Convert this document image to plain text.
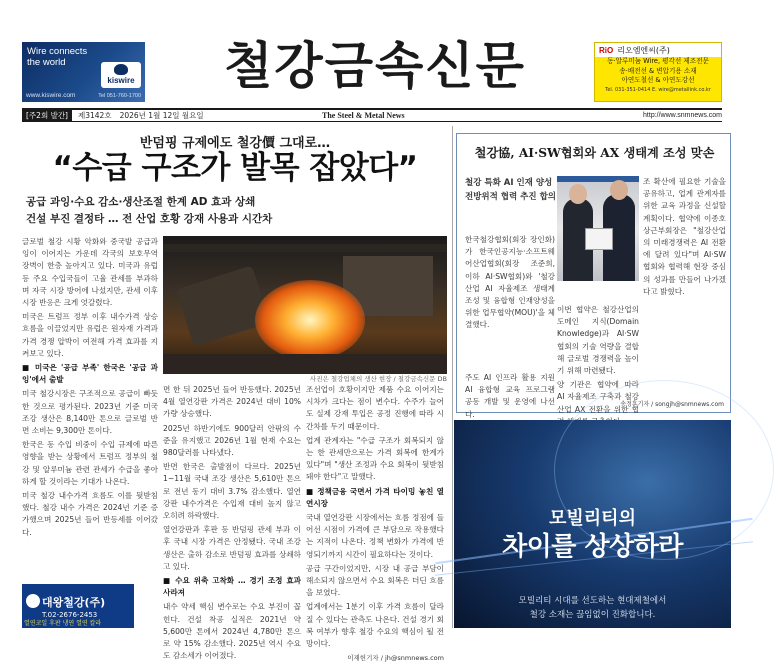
Wire connects
the world
kiswire
www.kiswire.com	Tel 051-760-1700
철강금속신문	RiO 리오엠엔씨(주)
동·알루미늄 Wire, 평각선 제조전문
송·배전선 & 변압기용 소재
아연도철선 & 아연도강선
Tel. 031-351-0414 E. wire@metallink.co.kr
[주2회 발간]	제3142호 2026년 1월 12일 월요일	The Steel & Metal News	http://www.snmnews.com
반덤핑 규제에도 철강價 그대로…
“수급 구조가 발목 잡았다”
공급 과잉·수요 감소·생산조절 한계 AD 효과 상쇄
건설 부진 결정타 … 전 산업 호황 강재 사용과 시간차
사진은 철강업체의 생산 현장 / 철강금속신문 DB

글로벌 철강 시황 악화와 중국발 공급과잉이 이어지는 가운데 각국의 보호무역 장벽이 한층 높아지고 있다. 미국과 유럽 등 주요 수입국들이 고율 관세를 부과하며 자국 시장 방어에 나섰지만, 관세 이후 시장 반응은 크게 엇갈렸다.

미국은 트럼프 정부 이후 내수가격 상승 흐름을 이끌었지만 유럽은 원자재 가격과 가격 경쟁 압박이 여전해 가격 효과를 지켜보고 있다.

■ 미국은 '공급 부족' 한국은 '공급 과잉'에서 출발

미국 철강시장은 구조적으로 공급이 빠듯한 것으로 평가된다. 2023년 기준 미국 조강 생산은 8,140만 톤으로 글로벌 반면 소비는 9,300만 톤이다.

한국은 동 수입 비중이 수입 규제에 따른 영향을 받는 상황에서 트럼프 정부의 철강 및 알루미늄 관련 관세가 수급을 좋아하게 할 것이라는 기대가 나온다.

미국 철강 내수가격 흐름도 이를 뒷받침했다. 철강 내수 가격은 2024년 기준 증가했으며 2025년 들어 반등세를 이어갔다.

면 한 뒤 2025년 들어 반등했다. 2025년 4월 열연강판 가격은 2024년 대비 10% 가량 상승했다.

2025년 하반기에도 900달러 안팎의 수준을 유지했고 2026년 1월 현재 수요는 980달러를 나타냈다.

반면 한국은 출발점이 다르다. 2025년 1~11월 국내 조강 생산은 5,610만 톤으로 전년 동기 대비 3.7% 감소했다. 열연강판 내수가격은 수입재 대비 높지 않고 오히려 하락했다.

열연강판과 후판 등 반덤핑 관세 부과 이후 국내 시장 가격은 안정됐다. 국내 조강 생산은 출하 감소로 반덤핑 효과를 상쇄하고 있다.

■ 수요 위축 고착화 … 경기 조정 효과 사라져

내수 약세 핵심 변수로는 수요 부진이 꼽힌다. 건설 착공 실적은 2021년 약 5,600만 톤에서 2024년 4,780만 톤으로 약 15% 감소했다. 2025년 역시 수요도 감소세가 이어졌다.

조선업이 호황이지만 제품 수요 이어지는 시차가 크다는 점이 변수다. 수주가 늘어도 실제 강재 투입은 공정 진행에 따라 시간차를 두기 때문이다.

업계 관계자는 "수급 구조가 회복되지 않는 한 관세만으로는 가격 회복에 한계가 있다"며 "생산 조정과 수요 회복이 뒷받침돼야 한다"고 말했다.

■ 정책금융 국면서 가격 타이밍 놓친 열연시장

국내 열연강판 시장에서는 흐름 정점에 들어선 시점이 가격에 큰 부담으로 작용했다는 지적이 나온다. 정책 변화가 가격에 반영되기까지 시간이 필요하다는 것이다.

공급 구간이었지만, 시장 내 공급 부담이 해소되지 않으면서 수요 회복은 더딘 흐름을 보였다.

업계에서는 1분기 이후 가격 흐름이 달라질 수 있다는 관측도 나온다. 건설 경기 회복 여부가 향후 철강 수요의 핵심이 될 전망이다.

이재헌기자 / jh@snmnews.com

대왕철강(주)
T.02-2676-2453
열연코일 후판 냉연 열연 칼라
철강協, AI·SW협회와 AX 생태계 조성 맞손
철강 특화 AI 인재 양성 전방위적 협력 추진 합의

한국철강협회(회장 장인화)가 한국인공지능·소프트웨어산업협회(회장 조준희, 이하 AI·SW협회)와 '철강산업 AI 자율제조 생태계 조성 및 융합형 인재양성을 위한 업무협약(MOU)'을 체결했다.

주도 AI 인프라 활용 지원 AI 융합형 교육 프로그램 공동 개발 및 운영에 나선다.

이번 협약은 철강산업의 도메인 지식(Domain Knowledge)과 AI·SW협회의 기술 역량을 결합해 글로벌 경쟁력을 높이기 위해 마련됐다.

양 기관은 협약에 따라 AI 자율제조 구축과 철강산업 AX 전환을 위한 협

조 확산에 필요한 기술을 공유하고, 업계 관계자를 위한 교육 과정을 신설할 계획이다. 협약에 이종호 상근부회장은 "철강산업의 미래경쟁력은 AI 전환에 달려 있다"며 AI·SW협회와 협력해 현장 중심의 성과를 만들어 나가겠다고 밝혔다.

송정훈기자 / songjh@snmnews.com
모빌리티의
차이를 상상하라
모빌리티 시대를 선도하는 현대제철에서
철강 소재는 끊임없이 진화합니다.
